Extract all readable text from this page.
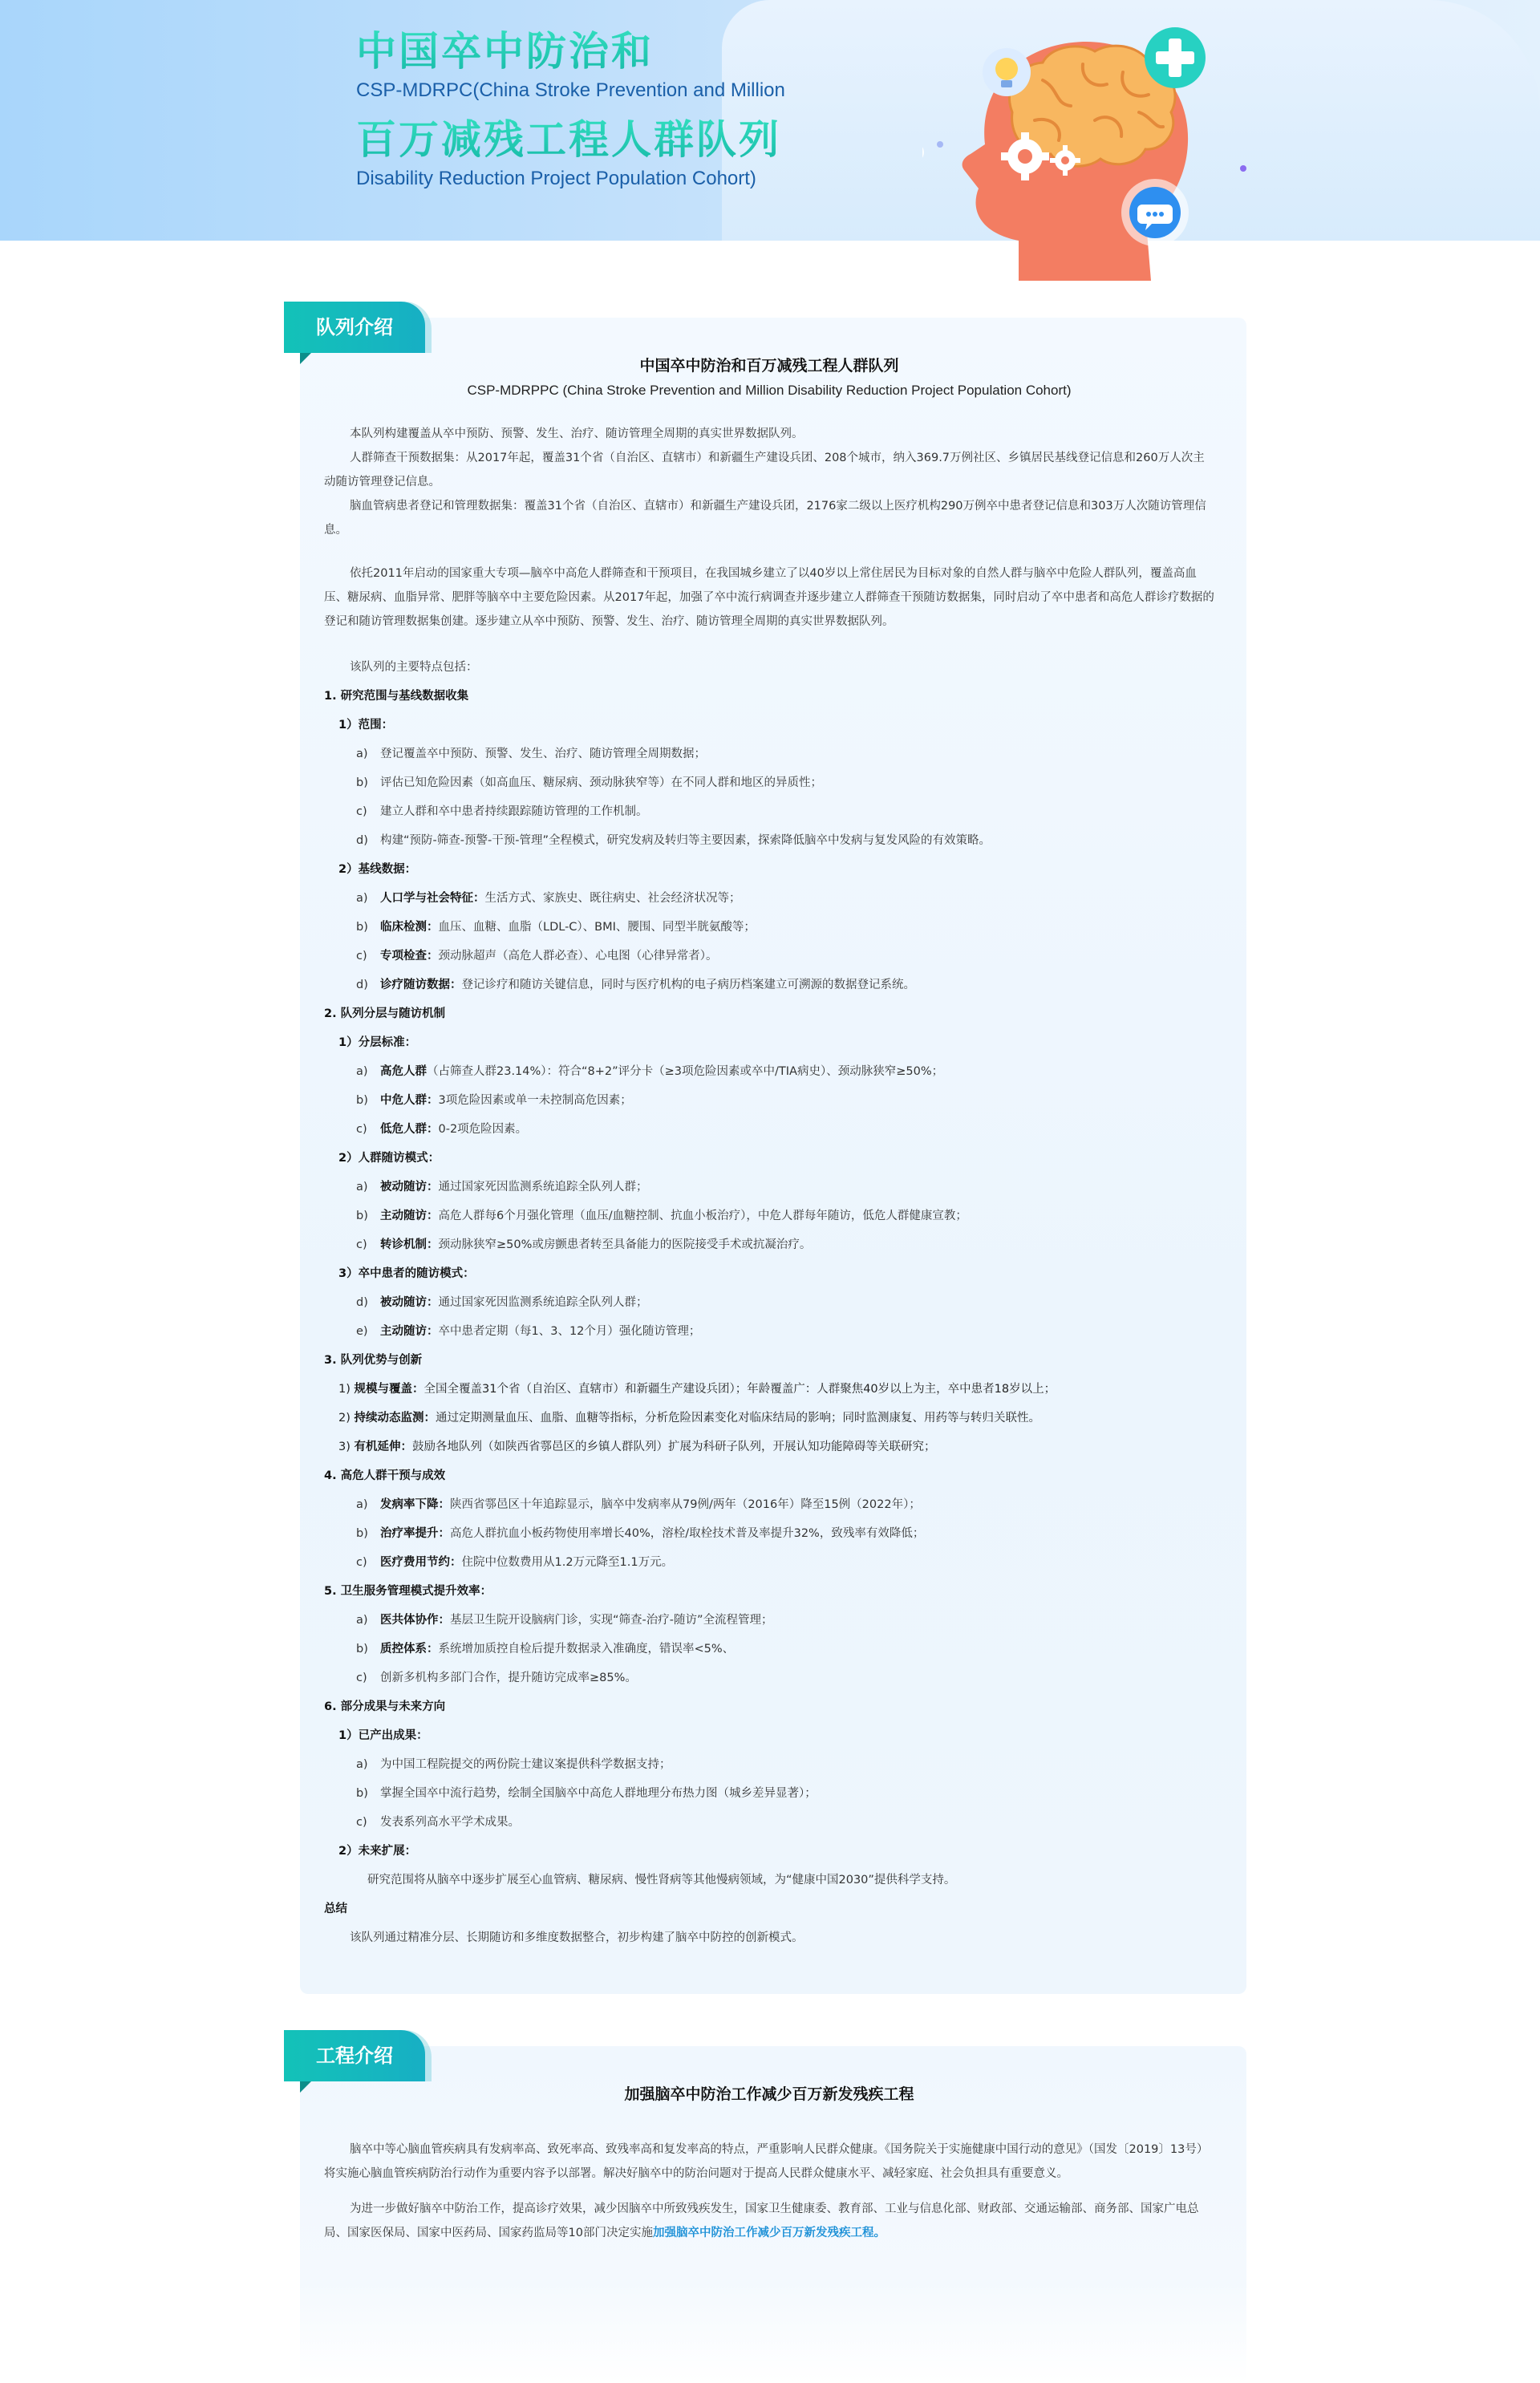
中国卒中防治和
CSP-MDRPC(China Stroke Prevention and Million
百万减残工程人群队列
Disability Reduction Project Population Cohort)
队列介绍
中国卒中防治和百万减残工程人群队列
CSP-MDRPPC (China Stroke Prevention and Million Disability Reduction Project Population Cohort)
本队列构建覆盖从卒中预防、预警、发生、治疗、随访管理全周期的真实世界数据队列。
人群筛查干预数据集：从2017年起，覆盖31个省（自治区、直辖市）和新疆生产建设兵团、208个城市，纳入369.7万例社区、乡镇居民基线登记信息和260万人次主动随访管理登记信息。
脑血管病患者登记和管理数据集：覆盖31个省（自治区、直辖市）和新疆生产建设兵团，2176家二级以上医疗机构290万例卒中患者登记信息和303万人次随访管理信息。
依托2011年启动的国家重大专项—脑卒中高危人群筛查和干预项目，在我国城乡建立了以40岁以上常住居民为目标对象的自然人群与脑卒中危险人群队列，覆盖高血压、糖尿病、血脂异常、肥胖等脑卒中主要危险因素。从2017年起，加强了卒中流行病调查并逐步建立人群筛查干预随访数据集，同时启动了卒中患者和高危人群诊疗数据的登记和随访管理数据集创建。逐步建立从卒中预防、预警、发生、治疗、随访管理全周期的真实世界数据队列。
该队列的主要特点包括：
1. 研究范围与基线数据收集
1）范围：
a) 登记覆盖卒中预防、预警、发生、治疗、随访管理全周期数据；
b) 评估已知危险因素（如高血压、糖尿病、颈动脉狭窄等）在不同人群和地区的异质性；
c) 建立人群和卒中患者持续跟踪随访管理的工作机制。
d) 构建“预防-筛查-预警-干预-管理”全程模式，研究发病及转归等主要因素，探索降低脑卒中发病与复发风险的有效策略。
2）基线数据：
a) 人口学与社会特征：生活方式、家族史、既往病史、社会经济状况等；
b) 临床检测：血压、血糖、血脂（LDL-C）、BMI、腰围、同型半胱氨酸等；
c) 专项检查：颈动脉超声（高危人群必查）、心电图（心律异常者）。
d) 诊疗随访数据：登记诊疗和随访关键信息，同时与医疗机构的电子病历档案建立可溯源的数据登记系统。
2. 队列分层与随访机制
1）分层标准：
a) 高危人群（占筛查人群23.14%）：符合“8+2”评分卡（≥3项危险因素或卒中/TIA病史）、颈动脉狭窄≥50%；
b) 中危人群：3项危险因素或单一未控制高危因素；
c) 低危人群：0-2项危险因素。
2）人群随访模式：
a) 被动随访：通过国家死因监测系统追踪全队列人群；
b) 主动随访：高危人群每6个月强化管理（血压/血糖控制、抗血小板治疗），中危人群每年随访，低危人群健康宣教；
c) 转诊机制：颈动脉狭窄≥50%或房颤患者转至具备能力的医院接受手术或抗凝治疗。
3）卒中患者的随访模式：
d) 被动随访：通过国家死因监测系统追踪全队列人群；
e) 主动随访：卒中患者定期（每1、3、12个月）强化随访管理；
3. 队列优势与创新
1) 规模与覆盖：全国全覆盖31个省（自治区、直辖市）和新疆生产建设兵团）；年龄覆盖广：人群聚焦40岁以上为主，卒中患者18岁以上；
2) 持续动态监测：通过定期测量血压、血脂、血糖等指标，分析危险因素变化对临床结局的影响；同时监测康复、用药等与转归关联性。
3) 有机延伸：鼓励各地队列（如陕西省鄠邑区的乡镇人群队列）扩展为科研子队列，开展认知功能障碍等关联研究；
4. 高危人群干预与成效
a) 发病率下降：陕西省鄠邑区十年追踪显示，脑卒中发病率从79例/两年（2016年）降至15例（2022年）；
b) 治疗率提升：高危人群抗血小板药物使用率增长40%，溶栓/取栓技术普及率提升32%，致残率有效降低；
c) 医疗费用节约：住院中位数费用从1.2万元降至1.1万元。
5. 卫生服务管理模式提升效率：
a) 医共体协作：基层卫生院开设脑病门诊，实现“筛查-治疗-随访”全流程管理；
b) 质控体系：系统增加质控自检后提升数据录入准确度，错误率<5%、
c) 创新多机构多部门合作，提升随访完成率≥85%。
6. 部分成果与未来方向
1）已产出成果：
a) 为中国工程院提交的两份院士建议案提供科学数据支持；
b) 掌握全国卒中流行趋势，绘制全国脑卒中高危人群地理分布热力图（城乡差异显著）；
c) 发表系列高水平学术成果。
2）未来扩展：
研究范围将从脑卒中逐步扩展至心血管病、糖尿病、慢性肾病等其他慢病领域，为“健康中国2030”提供科学支持。
总结
该队列通过精准分层、长期随访和多维度数据整合，初步构建了脑卒中防控的创新模式。
工程介绍
加强脑卒中防治工作减少百万新发残疾工程
脑卒中等心脑血管疾病具有发病率高、致死率高、致残率高和复发率高的特点，严重影响人民群众健康。《国务院关于实施健康中国行动的意见》（国发〔2019〕13号）将实施心脑血管疾病防治行动作为重要内容予以部署。解决好脑卒中的防治问题对于提高人民群众健康水平、减轻家庭、社会负担具有重要意义。
为进一步做好脑卒中防治工作，提高诊疗效果，减少因脑卒中所致残疾发生，国家卫生健康委、教育部、工业与信息化部、财政部、交通运输部、商务部、国家广电总局、国家医保局、国家中医药局、国家药监局等10部门决定实施加强脑卒中防治工作减少百万新发残疾工程。
